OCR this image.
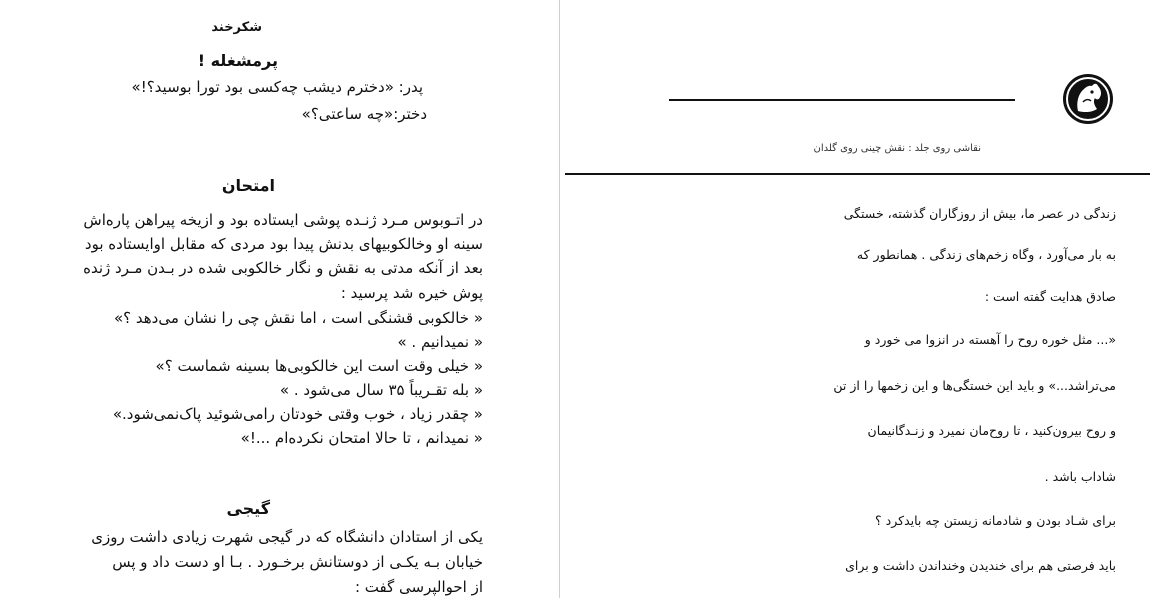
شکرخند
پرمشغله !
پدر: «دخترم دیشب چه‌کسی بود تورا بوسید؟!»
دختر:«چه ساعتی؟»
امتحان
در اتـوبوس مـرد ژنـده پوشی ایستاده بود و ازیخه پیراهن پاره‌اش
سینه او وخالکوبیهای بدنش پیدا بود مردی که مقابل اوایستاده بود
بعد از آنکه مدتی به نقش و نگار خالکوبی شده در بـدن مـرد ژنده
پوش خیره شد پرسید :
« خالکوبی قشنگی است ، اما نقش چی را نشان می‌دهد ؟»
« نمیدانیم . »
« خیلی وقت است این خالکوبی‌ها بسینه شماست ؟»
« بله تقـریباً ۳۵ سال می‌شود . »
« چقدر زیاد ، خوب وقتی خودتان رامی‌شوئید پاک‌نمی‌شود.»
« نمیدانم ، تا حالا امتحان نکرده‌ام ...!»
گیجی
یکی از استادان دانشگاه که در گیجی شهرت زیادی داشت روزی
خیابان بـه یکـی از دوستانش برخـورد . بـا او دست داد و پس
از احوالپرسی گفت :
نقاشی روی جلد : نقش چینی روی گلدان
زندگی در عصر ما، بیش از روزگاران گذشته، خستگی
به بار می‌آورد ، وگاه زخم‌های زندگی . همانطور که
صادق هدایت گفته است :
«... مثل خوره روح را آهسته در انزوا می خورد و
می‌تراشد...» و باید این خستگی‌ها و این زخمها را از تن
و روح بیرون‌کنید ، تا روح‌مان نمیرد و زنـدگانیمان
شاداب باشد .
برای شـاد بودن و شادمانه زیستن چه بایدکرد ؟
باید فرصتی هم برای خندیدن وخنداندن داشت و برای
